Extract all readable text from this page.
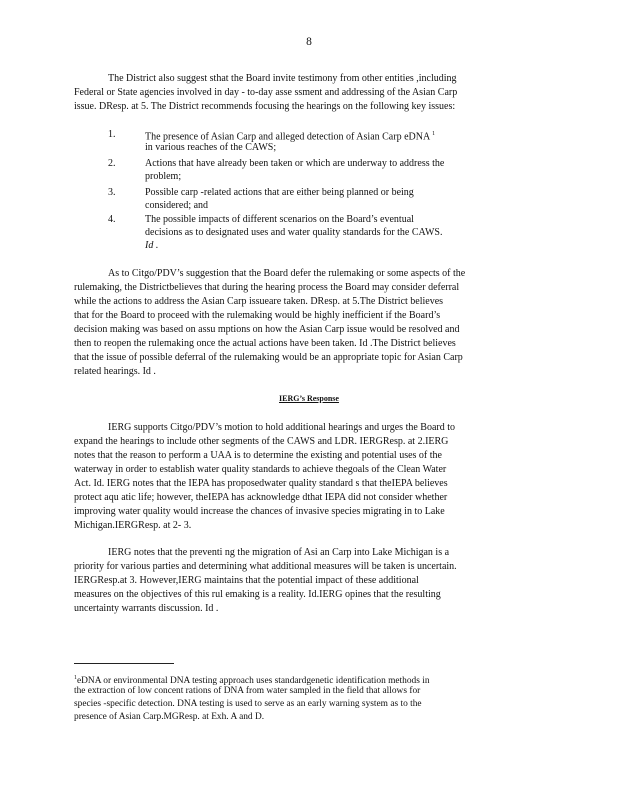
8
The District also suggest sthat the Board invite testimony from other entities ,including
Federal or State agencies involved in day - to-day asse ssment and addressing of the Asian Carp
issue. DResp. at 5. The District recommends focusing the hearings on the following key issues:
1.	The presence of Asian Carp and alleged detection of Asian Carp eDNA $^1$
in various reaches of the CAWS;
2.	Actions that have already been taken or which are underway to address the
problem;
3.	Possible carp -related actions that are either being planned or being
considered; and
4.	The possible impacts of different scenarios on the Board’s eventual
decisions as to designated uses and water quality standards for the CAWS.
Id .
As to Citgo/PDV’s suggestion that the Board defer the rulemaking or some aspects of the
rulemaking, the Districtbelieves that during the hearing process the Board may consider deferral
while the actions to address the Asian Carp issueare taken. DResp. at 5.The District believes
that for the Board to proceed with the rulemaking would be highly inefficient if the Board’s
decision making was based on assu mptions on how the Asian Carp issue would be resolved and
then to reopen the rulemaking once the actual actions have been taken. Id .The District believes
that the issue of possible deferral of the rulemaking would be an appropriate topic for Asian Carp
related hearings. Id .
IERG’s Response
IERG supports Citgo/PDV’s motion to hold additional hearings and urges the Board to
expand the hearings to include other segments of the CAWS and LDR. IERGResp. at 2.IERG
notes that the reason to perform a UAA is to determine the existing and potential uses of the
waterway in order to establish water quality standards to achieve thegoals of the Clean Water
Act. Id. IERG notes that the IEPA has proposedwater quality standard s that theIEPA believes
protect aqu atic life; however, theIEPA has acknowledge dthat IEPA did not consider whether
improving water quality would increase the chances of invasive species migrating in to Lake
Michigan.IERGResp. at 2- 3.
IERG notes that the preventi ng the migration of Asi an Carp into Lake Michigan is a
priority for various parties and determining what additional measures will be taken is uncertain.
IERGResp.at 3. However,IERG maintains that the potential impact of these additional
measures on the objectives of this rul emaking is a reality. Id.IERG opines that the resulting
uncertainty warrants discussion. Id .
$^1$eDNA or environmental DNA testing approach uses standardgenetic identification methods in
the extraction of low concent rations of DNA from water sampled in the field that allows for
species -specific detection. DNA testing is used to serve as an early warning system as to the
presence of Asian Carp.MGResp. at Exh. A and D.
